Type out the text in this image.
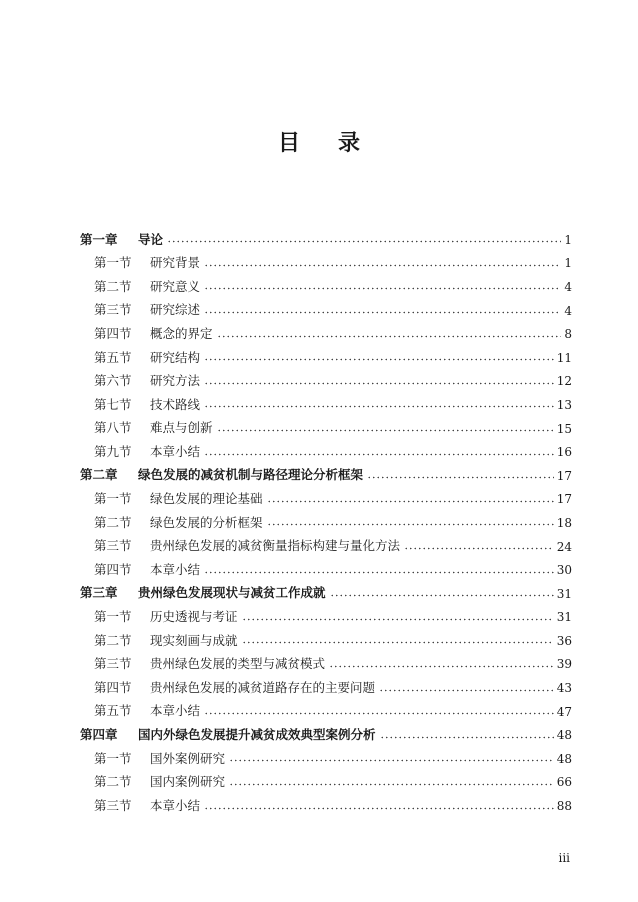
目 录
第一章	导论	1
第一节	研究背景	1
第二节	研究意义	4
第三节	研究综述	4
第四节	概念的界定	8
第五节	研究结构	11
第六节	研究方法	12
第七节	技术路线	13
第八节	难点与创新	15
第九节	本章小结	16
第二章	绿色发展的减贫机制与路径理论分析框架	17
第一节	绿色发展的理论基础	17
第二节	绿色发展的分析框架	18
第三节	贵州绿色发展的减贫衡量指标构建与量化方法	24
第四节	本章小结	30
第三章	贵州绿色发展现状与减贫工作成就	31
第一节	历史透视与考证	31
第二节	现实刻画与成就	36
第三节	贵州绿色发展的类型与减贫模式	39
第四节	贵州绿色发展的减贫道路存在的主要问题	43
第五节	本章小结	47
第四章	国内外绿色发展提升减贫成效典型案例分析	48
第一节	国外案例研究	48
第二节	国内案例研究	66
第三节	本章小结	88
iii
